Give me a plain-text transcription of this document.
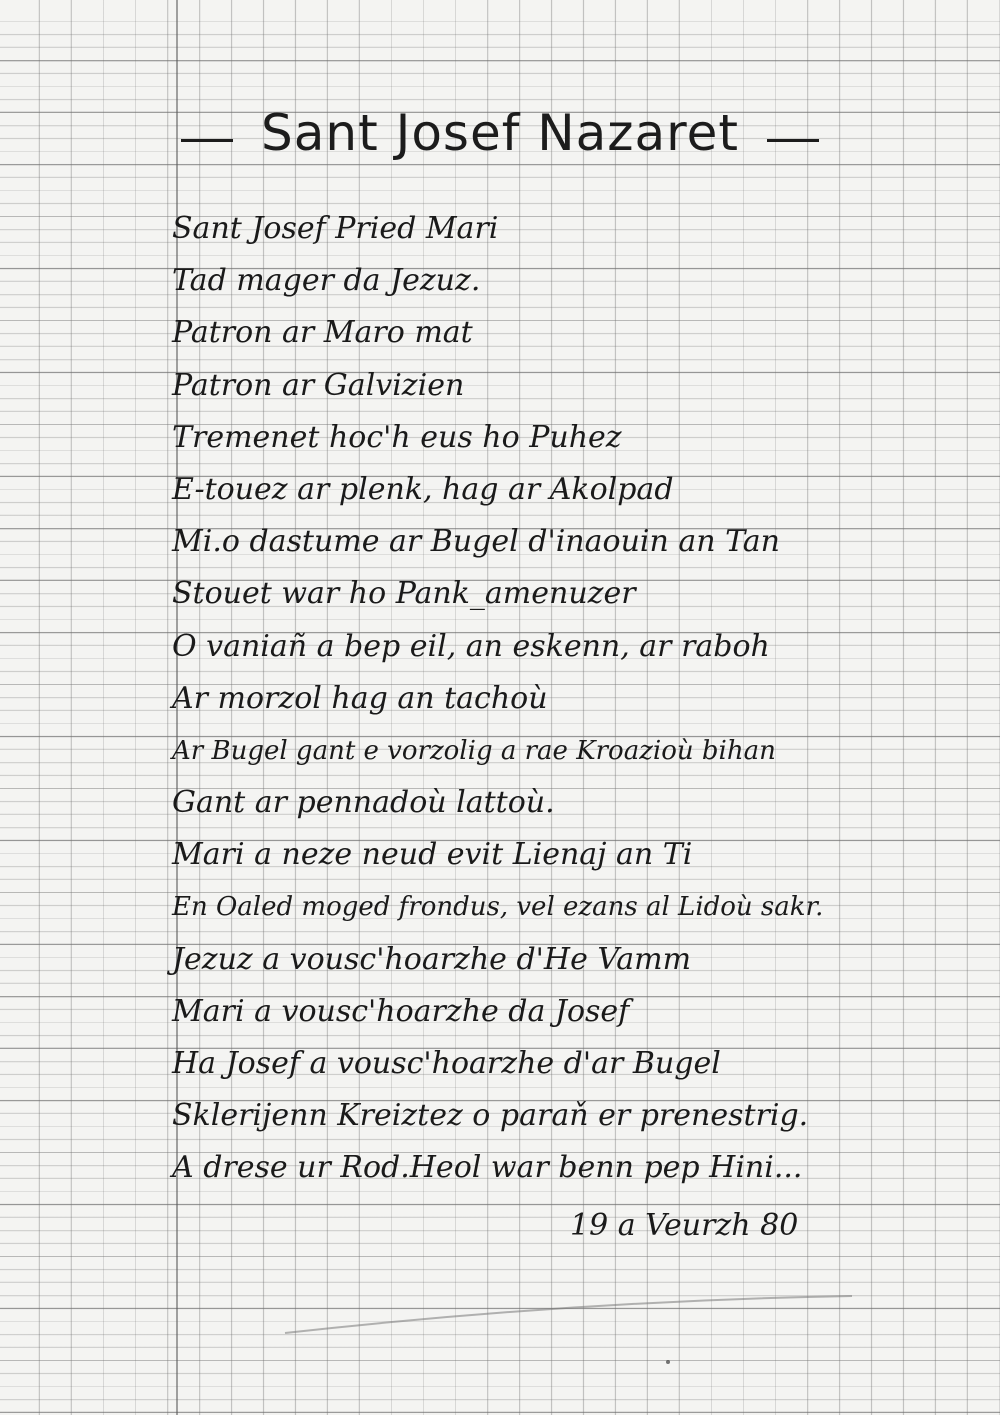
Sant Josef Nazaret
Sant Josef Pried Mari
Tad mager da Jezuz.
Patron ar Maro mat
Patron ar Galvizien
Tremenet hoc'h eus ho Puhez
E-touez ar plenk, hag ar Akolpad
Mi.o dastume ar Bugel d'inaouin an Tan
Stouet war ho Pank_amenuzer
O vaniañ a bep eil, an eskenn, ar raboh
Ar morzol hag an tachoù
Ar Bugel gant e vorzolig a rae Kroazioù bihan
Gant ar pennadoù lattoù.
Mari a neze neud evit Lienaj an Ti
En Oaled moged frondus, vel ezans al Lidoù sakr.
Jezuz a vousc'hoarzhe d'He Vamm
Mari a vousc'hoarzhe da Josef
Ha Josef a vousc'hoarzhe d'ar Bugel
Sklerijenn Kreiztez o paraň er prenestrig.
A drese ur Rod.Heol war benn pep Hini...
19 a Veurzh 80
